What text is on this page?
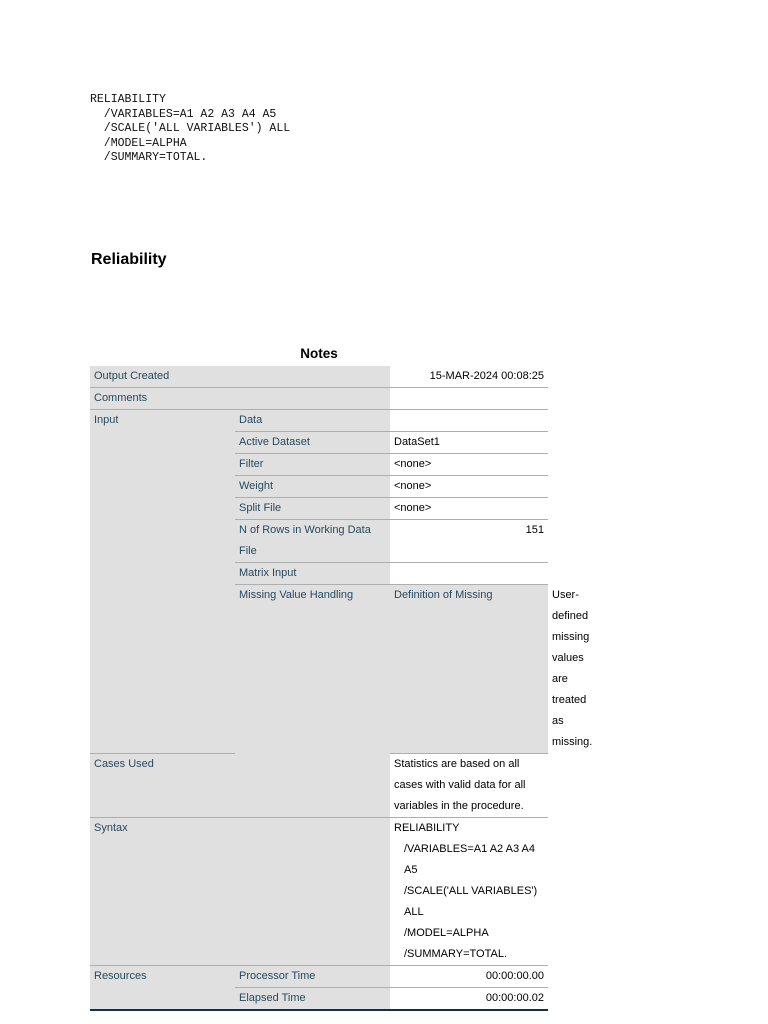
RELIABILITY
/VARIABLES=A1 A2 A3 A4 A5
/SCALE('ALL VARIABLES') ALL
/MODEL=ALPHA
/SUMMARY=TOTAL.
Reliability
Notes
Output Created		15-MAR-2024 00:08:25	
Comments			
Input	Data		
	Active Dataset	DataSet1	
	Filter	<none>	
	Weight	<none>	
	Split File	<none>	
	N of Rows in Working Data File	151	
	Matrix Input		
	Missing Value Handling	Definition of Missing	User-defined missing values are treated as missing.
Cases Used		Statistics are based on all cases with valid data for all variables in the procedure.	
Syntax		RELIABILITY
/VARIABLES=A1 A2 A3 A4 A5
/SCALE('ALL VARIABLES') ALL
/MODEL=ALPHA
/SUMMARY=TOTAL.	

Resources	Processor Time	00:00:00.00	
	Elapsed Time	00:00:00.02	
